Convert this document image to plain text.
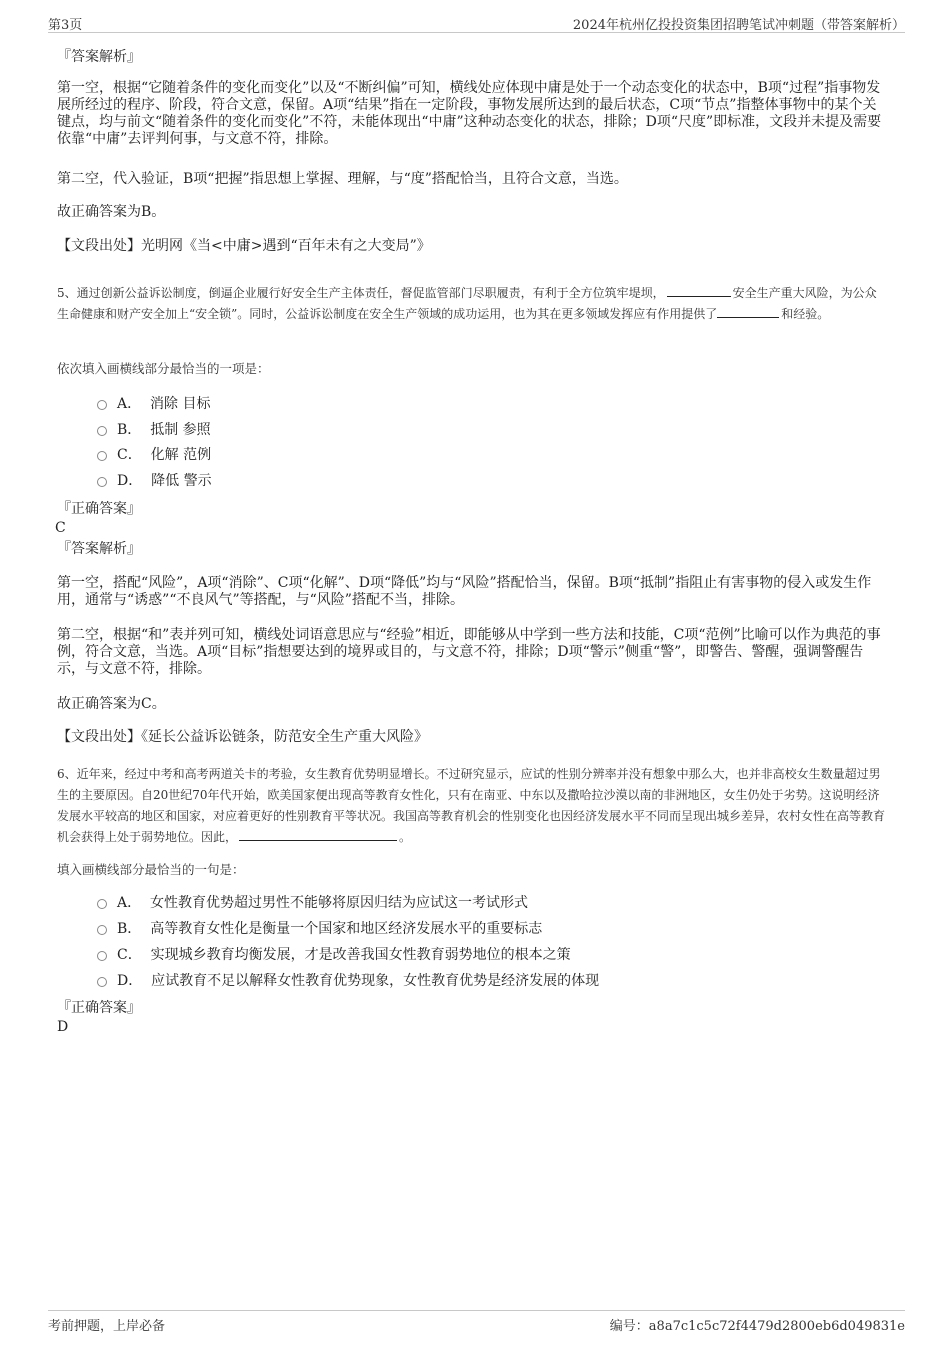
第3页	2024年杭州亿投投资集团招聘笔试冲刺题（带答案解析）
『答案解析』
第一空，根据“它随着条件的变化而变化”以及“不断纠偏”可知，横线处应体现中庸是处于一个动态变化的状态中，B项“过程”指事物发展所经过的程序、阶段，符合文意，保留。A项“结果”指在一定阶段，事物发展所达到的最后状态，C项“节点”指整体事物中的某个关键点，均与前文“随着条件的变化而变化”不符，未能体现出“中庸”这种动态变化的状态，排除；D项“尺度”即标准，文段并未提及需要依靠“中庸”去评判何事，与文意不符，排除。
第二空，代入验证，B项“把握”指思想上掌握、理解，与“度”搭配恰当，且符合文意，当选。
故正确答案为B。
【文段出处】光明网《当<中庸>遇到“百年未有之大变局”》
5、通过创新公益诉讼制度，倒逼企业履行好安全生产主体责任，督促监管部门尽职履责，有利于全方位筑牢堤坝，	安全生产重大风险，为公众生命健康和财产安全加上“安全锁”。同时，公益诉讼制度在安全生产领域的成功运用，也为其在更多领域发挥应有作用提供了	和经验。
依次填入画横线部分最恰当的一项是：
A． 消除 目标
B． 抵制 参照
C． 化解 范例
D． 降低 警示
『正确答案』
C
『答案解析』
第一空，搭配“风险”，A项“消除”、C项“化解”、D项“降低”均与“风险”搭配恰当，保留。B项“抵制”指阻止有害事物的侵入或发生作用，通常与“诱惑”“不良风气”等搭配，与“风险”搭配不当，排除。
第二空，根据“和”表并列可知，横线处词语意思应与“经验”相近，即能够从中学到一些方法和技能，C项“范例”比喻可以作为典范的事例，符合文意，当选。A项“目标”指想要达到的境界或目的，与文意不符，排除；D项“警示”侧重“警”，即警告、警醒，强调警醒告示，与文意不符，排除。
故正确答案为C。
【文段出处】《延长公益诉讼链条，防范安全生产重大风险》
6、近年来，经过中考和高考两道关卡的考验，女生教育优势明显增长。不过研究显示，应试的性别分辨率并没有想象中那么大，也并非高校女生数量超过男生的主要原因。自20世纪70年代开始，欧美国家便出现高等教育女性化，只有在南亚、中东以及撒哈拉沙漠以南的非洲地区，女生仍处于劣势。这说明经济发展水平较高的地区和国家，对应着更好的性别教育平等状况。我国高等教育机会的性别变化也因经济发展水平不同而呈现出城乡差异，农村女性在高等教育机会获得上处于弱势地位。因此，	。
填入画横线部分最恰当的一句是：
A． 女性教育优势超过男性不能够将原因归结为应试这一考试形式
B． 高等教育女性化是衡量一个国家和地区经济发展水平的重要标志
C． 实现城乡教育均衡发展，才是改善我国女性教育弱势地位的根本之策
D． 应试教育不足以解释女性教育优势现象，女性教育优势是经济发展的体现
『正确答案』
D
考前押题，上岸必备	编号：a8a7c1c5c72f4479d2800eb6d049831e
